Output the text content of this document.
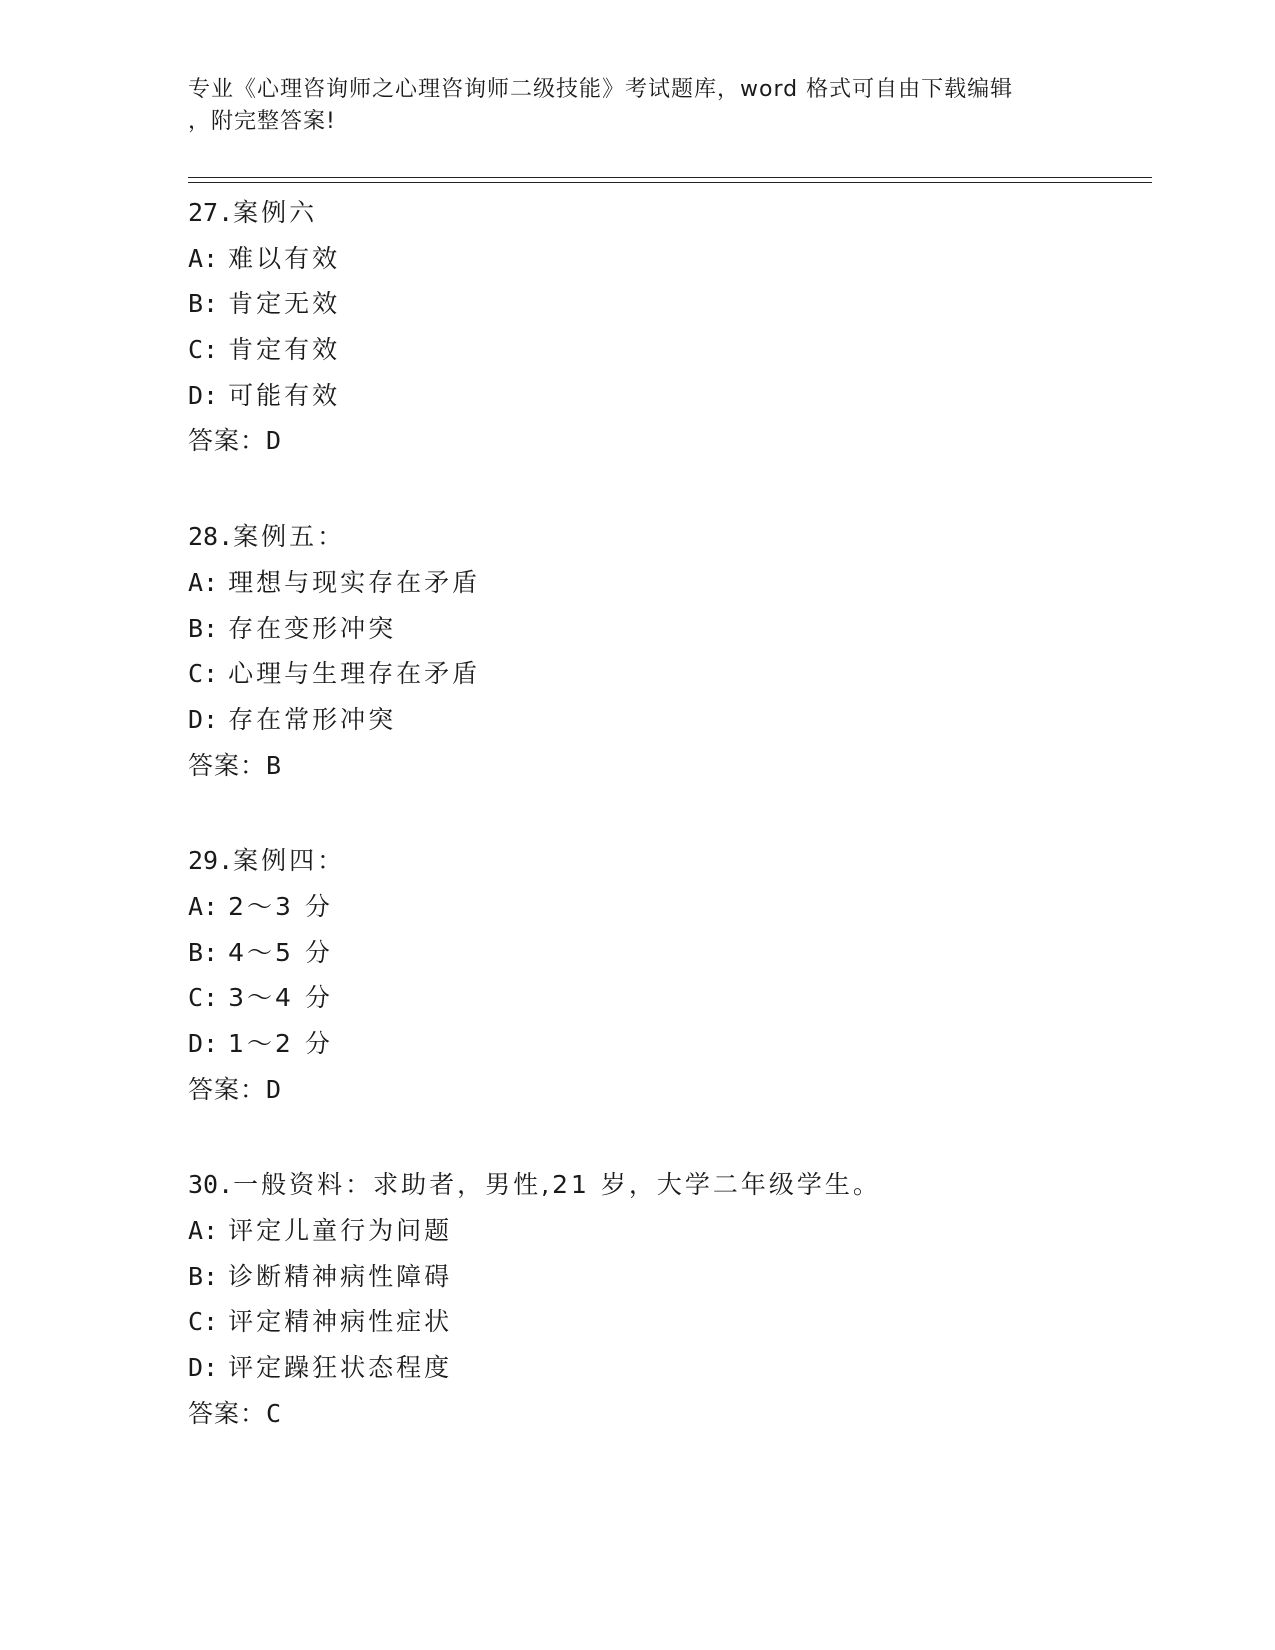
专业《心理咨询师之心理咨询师二级技能》考试题库，word 格式可自由下载编辑
，附完整答案!
27.案例六
A: 难以有效
B: 肯定无效
C: 肯定有效
D: 可能有效
答案：D
28.案例五：
A: 理想与现实存在矛盾
B: 存在变形冲突
C: 心理与生理存在矛盾
D: 存在常形冲突
答案：B
29.案例四：
A: 2～3 分
B: 4～5 分
C: 3～4 分
D: 1～2 分
答案：D
30.一般资料：求助者，男性,21 岁，大学二年级学生。
A: 评定儿童行为问题
B: 诊断精神病性障碍
C: 评定精神病性症状
D: 评定躁狂状态程度
答案：C
